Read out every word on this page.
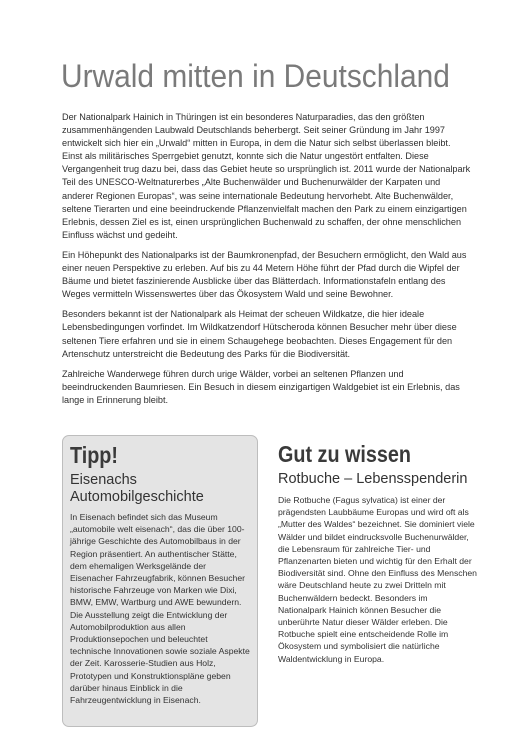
Urwald mitten in Deutschland

Der Nationalpark Hainich in Thüringen ist ein besonderes Naturparadies, das den größten zusammenhängenden Laubwald Deutschlands beherbergt. Seit seiner Gründung im Jahr 1997 entwickelt sich hier ein „Urwald“ mitten in Europa, in dem die Natur sich selbst überlassen bleibt. Einst als militärisches Sperrgebiet genutzt, konnte sich die Natur ungestört entfalten. Diese Vergangenheit trug dazu bei, dass das Gebiet heute so ursprünglich ist. 2011 wurde der Nationalpark Teil des UNESCO-Weltnaturerbes „Alte Buchenwälder und Buchenurwälder der Karpaten und anderer Regionen Europas“, was seine internationale Bedeutung hervorhebt. Alte Buchenwälder, seltene Tierarten und eine beeindruckende Pflanzenvielfalt machen den Park zu einem einzigartigen Erlebnis, dessen Ziel es ist, einen ursprünglichen Buchenwald zu schaffen, der ohne menschlichen Einfluss wächst und gedeiht.

Ein Höhepunkt des Nationalparks ist der Baumkronenpfad, der Besuchern ermöglicht, den Wald aus einer neuen Perspektive zu erleben. Auf bis zu 44 Metern Höhe führt der Pfad durch die Wipfel der Bäume und bietet faszinierende Ausblicke über das Blätterdach. Informationstafeln entlang des Weges vermitteln Wissenswertes über das Ökosystem Wald und seine Bewohner.

Besonders bekannt ist der Nationalpark als Heimat der scheuen Wildkatze, die hier ideale Lebensbedingungen vorfindet. Im Wildkatzendorf Hütscheroda können Besucher mehr über diese seltenen Tiere erfahren und sie in einem Schaugehege beobachten. Dieses Engagement für den Artenschutz unterstreicht die Bedeutung des Parks für die Biodiversität.

Zahlreiche Wanderwege führen durch urige Wälder, vorbei an seltenen Pflanzen und beeindruckenden Baumriesen. Ein Besuch in diesem einzigartigen Waldgebiet ist ein Erlebnis, das lange in Erinnerung bleibt.

Tipp!
Eisenachs Automobilgeschichte

In Eisenach befindet sich das Museum „automobile welt eisenach“, das die über 100-jährige Geschichte des Automobilbaus in der Region präsentiert. An authentischer Stätte, dem ehemaligen Werksgelände der Eisenacher Fahrzeugfabrik, können Besucher historische Fahrzeuge von Marken wie Dixi, BMW, EMW, Wartburg und AWE bewundern. Die Ausstellung zeigt die Entwicklung der Automobilproduktion aus allen Produktionsepochen und beleuchtet technische Innovationen sowie soziale Aspekte der Zeit. Karosserie-Studien aus Holz, Prototypen und Konstruktionspläne geben darüber hinaus Einblick in die Fahrzeugentwicklung in Eisenach.

Gut zu wissen
Rotbuche – Lebensspenderin

Die Rotbuche (Fagus sylvatica) ist einer der prägendsten Laubbäume Europas und wird oft als „Mutter des Waldes“ bezeichnet. Sie dominiert viele Wälder und bildet eindrucksvolle Buchenurwälder, die Lebensraum für zahlreiche Tier- und Pflanzenarten bieten und wichtig für den Erhalt der Biodiversität sind. Ohne den Einfluss des Menschen wäre Deutschland heute zu zwei Dritteln mit Buchenwäldern bedeckt. Besonders im Nationalpark Hainich können Besucher die unberührte Natur dieser Wälder erleben. Die Rotbuche spielt eine entscheidende Rolle im Ökosystem und symbolisiert die natürliche Waldentwicklung in Europa.
